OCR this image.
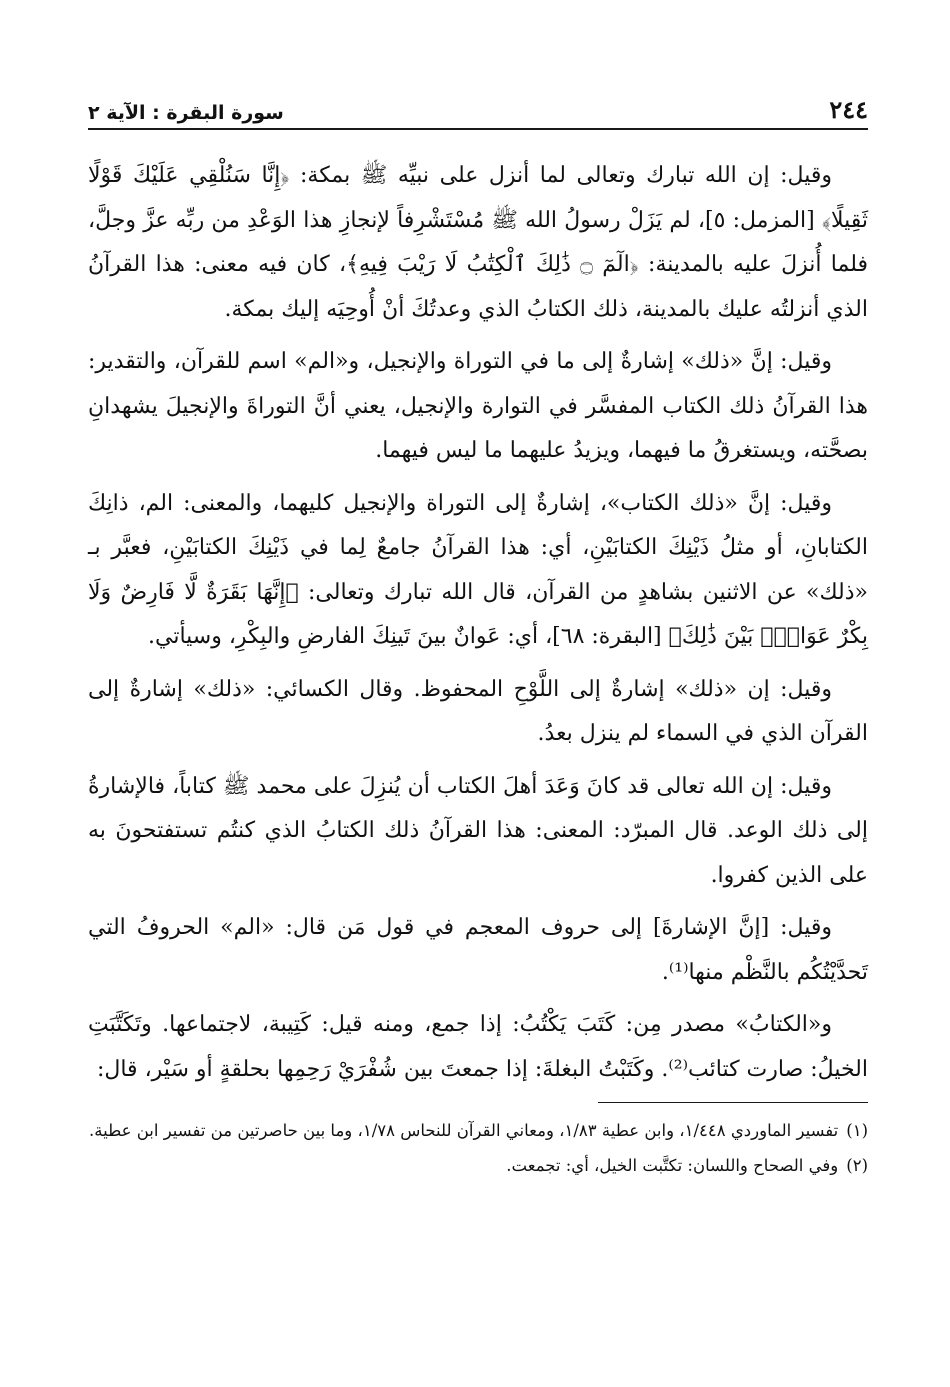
٢٤٤
سورة البقرة : الآية ٢

وقيل: إن الله تبارك وتعالى لما أنزل على نبيِّه ﷺ بمكة: ﴿إِنَّا سَنُلْقِي عَلَيْكَ قَوْلًا ثَقِيلًا﴾ [المزمل: ٥]، لم يَزَلْ رسولُ الله ﷺ مُسْتَشْرِفاً لإنجازِ هذا الوَعْدِ من ربِّه عزَّ وجلَّ، فلما أُنزلَ عليه بالمدينة: ﴿الٓمٓ ۝ ذَٰلِكَ ٱلْكِتَٰبُ لَا رَيْبَ فِيهِ﴾، كان فيه معنى: هذا القرآنُ الذي أنزلتُه عليك بالمدينة، ذلك الكتابُ الذي وعدتُكَ أنْ أُوحِيَه إليك بمكة.

وقيل: إنَّ «ذلك» إشارةٌ إلى ما في التوراة والإنجيل، و«الم» اسم للقرآن، والتقدير: هذا القرآنُ ذلك الكتاب المفسَّر في التوارة والإنجيل، يعني أنَّ التوراةَ والإنجيلَ يشهدانِ بصحَّته، ويستغرقُ ما فيهما، ويزيدُ عليهما ما ليس فيهما.

وقيل: إنَّ «ذلك الكتاب»، إشارةٌ إلى التوراة والإنجيل كليهما، والمعنى: الم، ذانِكَ الكتابانِ، أو مثلُ ذَيْنِكَ الكتابَيْنِ، أي: هذا القرآنُ جامعٌ لِما في ذَيْنِكَ الكتابَيْنِ، فعبَّر بـ «ذلك» عن الاثنين بشاهدٍ من القرآن، قال الله تبارك وتعالى: ﴿إِنَّهَا بَقَرَةٌ لَّا فَارِضٌ وَلَا بِكْرٌ عَوَانٌۢ بَيْنَ ذَٰلِكَ﴾ [البقرة: ٦٨]، أي: عَوانٌ بينَ تَينِكَ الفارضِ والبِكْرِ، وسيأتي.

وقيل: إن «ذلك» إشارةٌ إلى اللَّوْحِ المحفوظ. وقال الكسائي: «ذلك» إشارةٌ إلى القرآن الذي في السماء لم ينزل بعدُ.

وقيل: إن الله تعالى قد كانَ وَعَدَ أهلَ الكتاب أن يُنزِلَ على محمد ﷺ كتاباً، فالإشارةُ إلى ذلك الوعد. قال المبرّد: المعنى: هذا القرآنُ ذلك الكتابُ الذي كنتُم تستفتحونَ به على الذين كفروا.

وقيل: [إنَّ الإشارةَ] إلى حروف المعجم في قول مَن قال: «الم» الحروفُ التي تَحدَّيْتُكُم بالنَّظْم منها⁽¹⁾.

و«الكتابُ» مصدر مِن: كَتَبَ يَكْتُبُ: إذا جمع، ومنه قيل: كَتِيبة، لاجتماعها. وتَكَتَّبَتِ الخيلُ: صارت كتائب⁽²⁾. وكَتَبْتُ البغلةَ: إذا جمعتَ بين شُفْرَيْ رَحِمِها بحلقةٍ أو سَيْر، قال:

(١)
تفسير الماوردي ١/٤٤٨، وابن عطية ١/٨٣، ومعاني القرآن للنحاس ١/٧٨، وما بين حاصرتين من تفسير ابن عطية.
(٢)
وفي الصحاح واللسان: تكتَّبت الخيل، أي: تجمعت.
